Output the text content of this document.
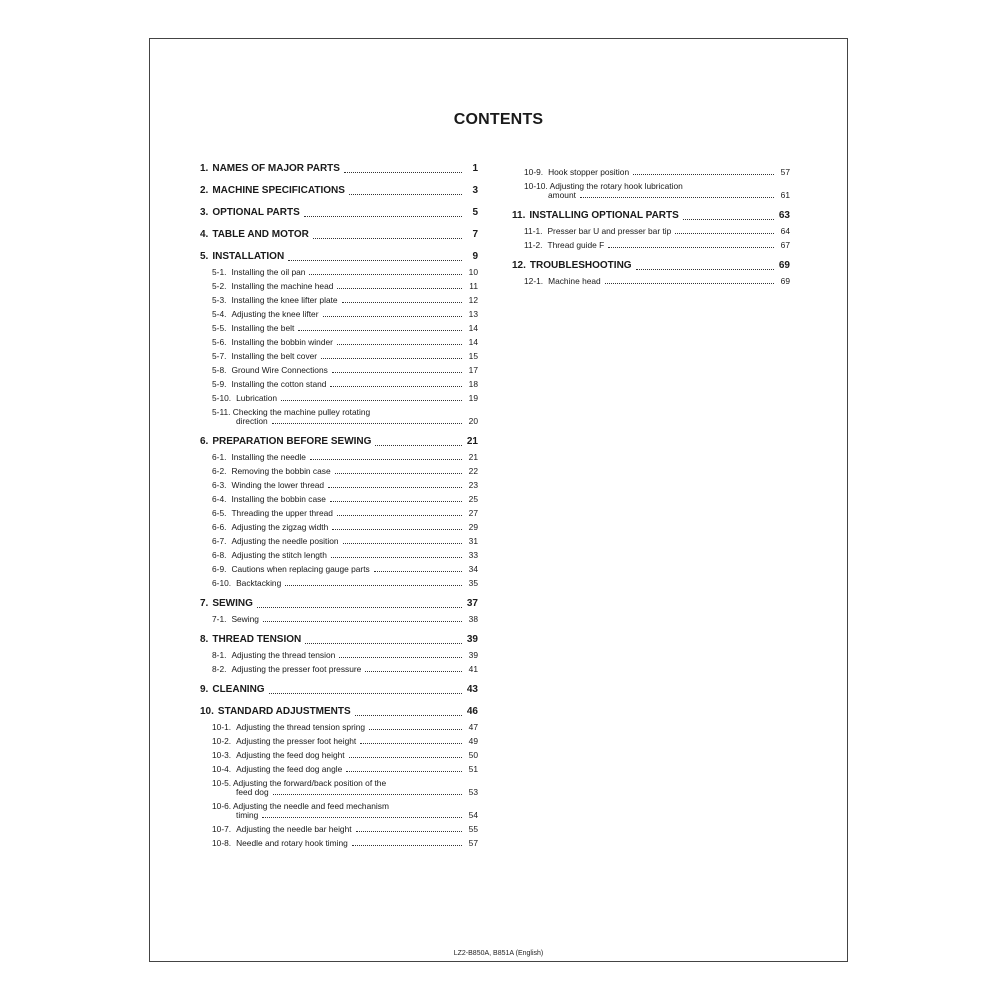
CONTENTS
1. NAMES OF MAJOR PARTS	1
2. MACHINE SPECIFICATIONS	3
3. OPTIONAL PARTS	5
4. TABLE AND MOTOR	7
5. INSTALLATION	9
5-1. Installing the oil pan	10
5-2. Installing the machine head	11
5-3. Installing the knee lifter plate	12
5-4. Adjusting the knee lifter	13
5-5. Installing the belt	14
5-6. Installing the bobbin winder	14
5-7. Installing the belt cover	15
5-8. Ground Wire Connections	17
5-9. Installing the cotton stand	18
5-10. Lubrication	19
5-11. Checking the machine pulley rotating
direction	20
6. PREPARATION BEFORE SEWING	21
6-1. Installing the needle	21
6-2. Removing the bobbin case	22
6-3. Winding the lower thread	23
6-4. Installing the bobbin case	25
6-5. Threading the upper thread	27
6-6. Adjusting the zigzag width	29
6-7. Adjusting the needle position	31
6-8. Adjusting the stitch length	33
6-9. Cautions when replacing gauge parts	34
6-10. Backtacking	35
7. SEWING	37
7-1. Sewing	38
8. THREAD TENSION	39
8-1. Adjusting the thread tension	39
8-2. Adjusting the presser foot pressure	41
9. CLEANING	43
10. STANDARD ADJUSTMENTS	46
10-1. Adjusting the thread tension spring	47
10-2. Adjusting the presser foot height	49
10-3. Adjusting the feed dog height	50
10-4. Adjusting the feed dog angle	51
10-5. Adjusting the forward/back position of the
feed dog	53
10-6. Adjusting the needle and feed mechanism
timing	54
10-7. Adjusting the needle bar height	55
10-8. Needle and rotary hook timing	57
10-9. Hook stopper position	57
10-10. Adjusting the rotary hook lubrication
amount	61
11. INSTALLING OPTIONAL PARTS	63
11-1. Presser bar U and presser bar tip	64
11-2. Thread guide F	67
12. TROUBLESHOOTING	69
12-1. Machine head	69
LZ2-B850A, B851A (English)
